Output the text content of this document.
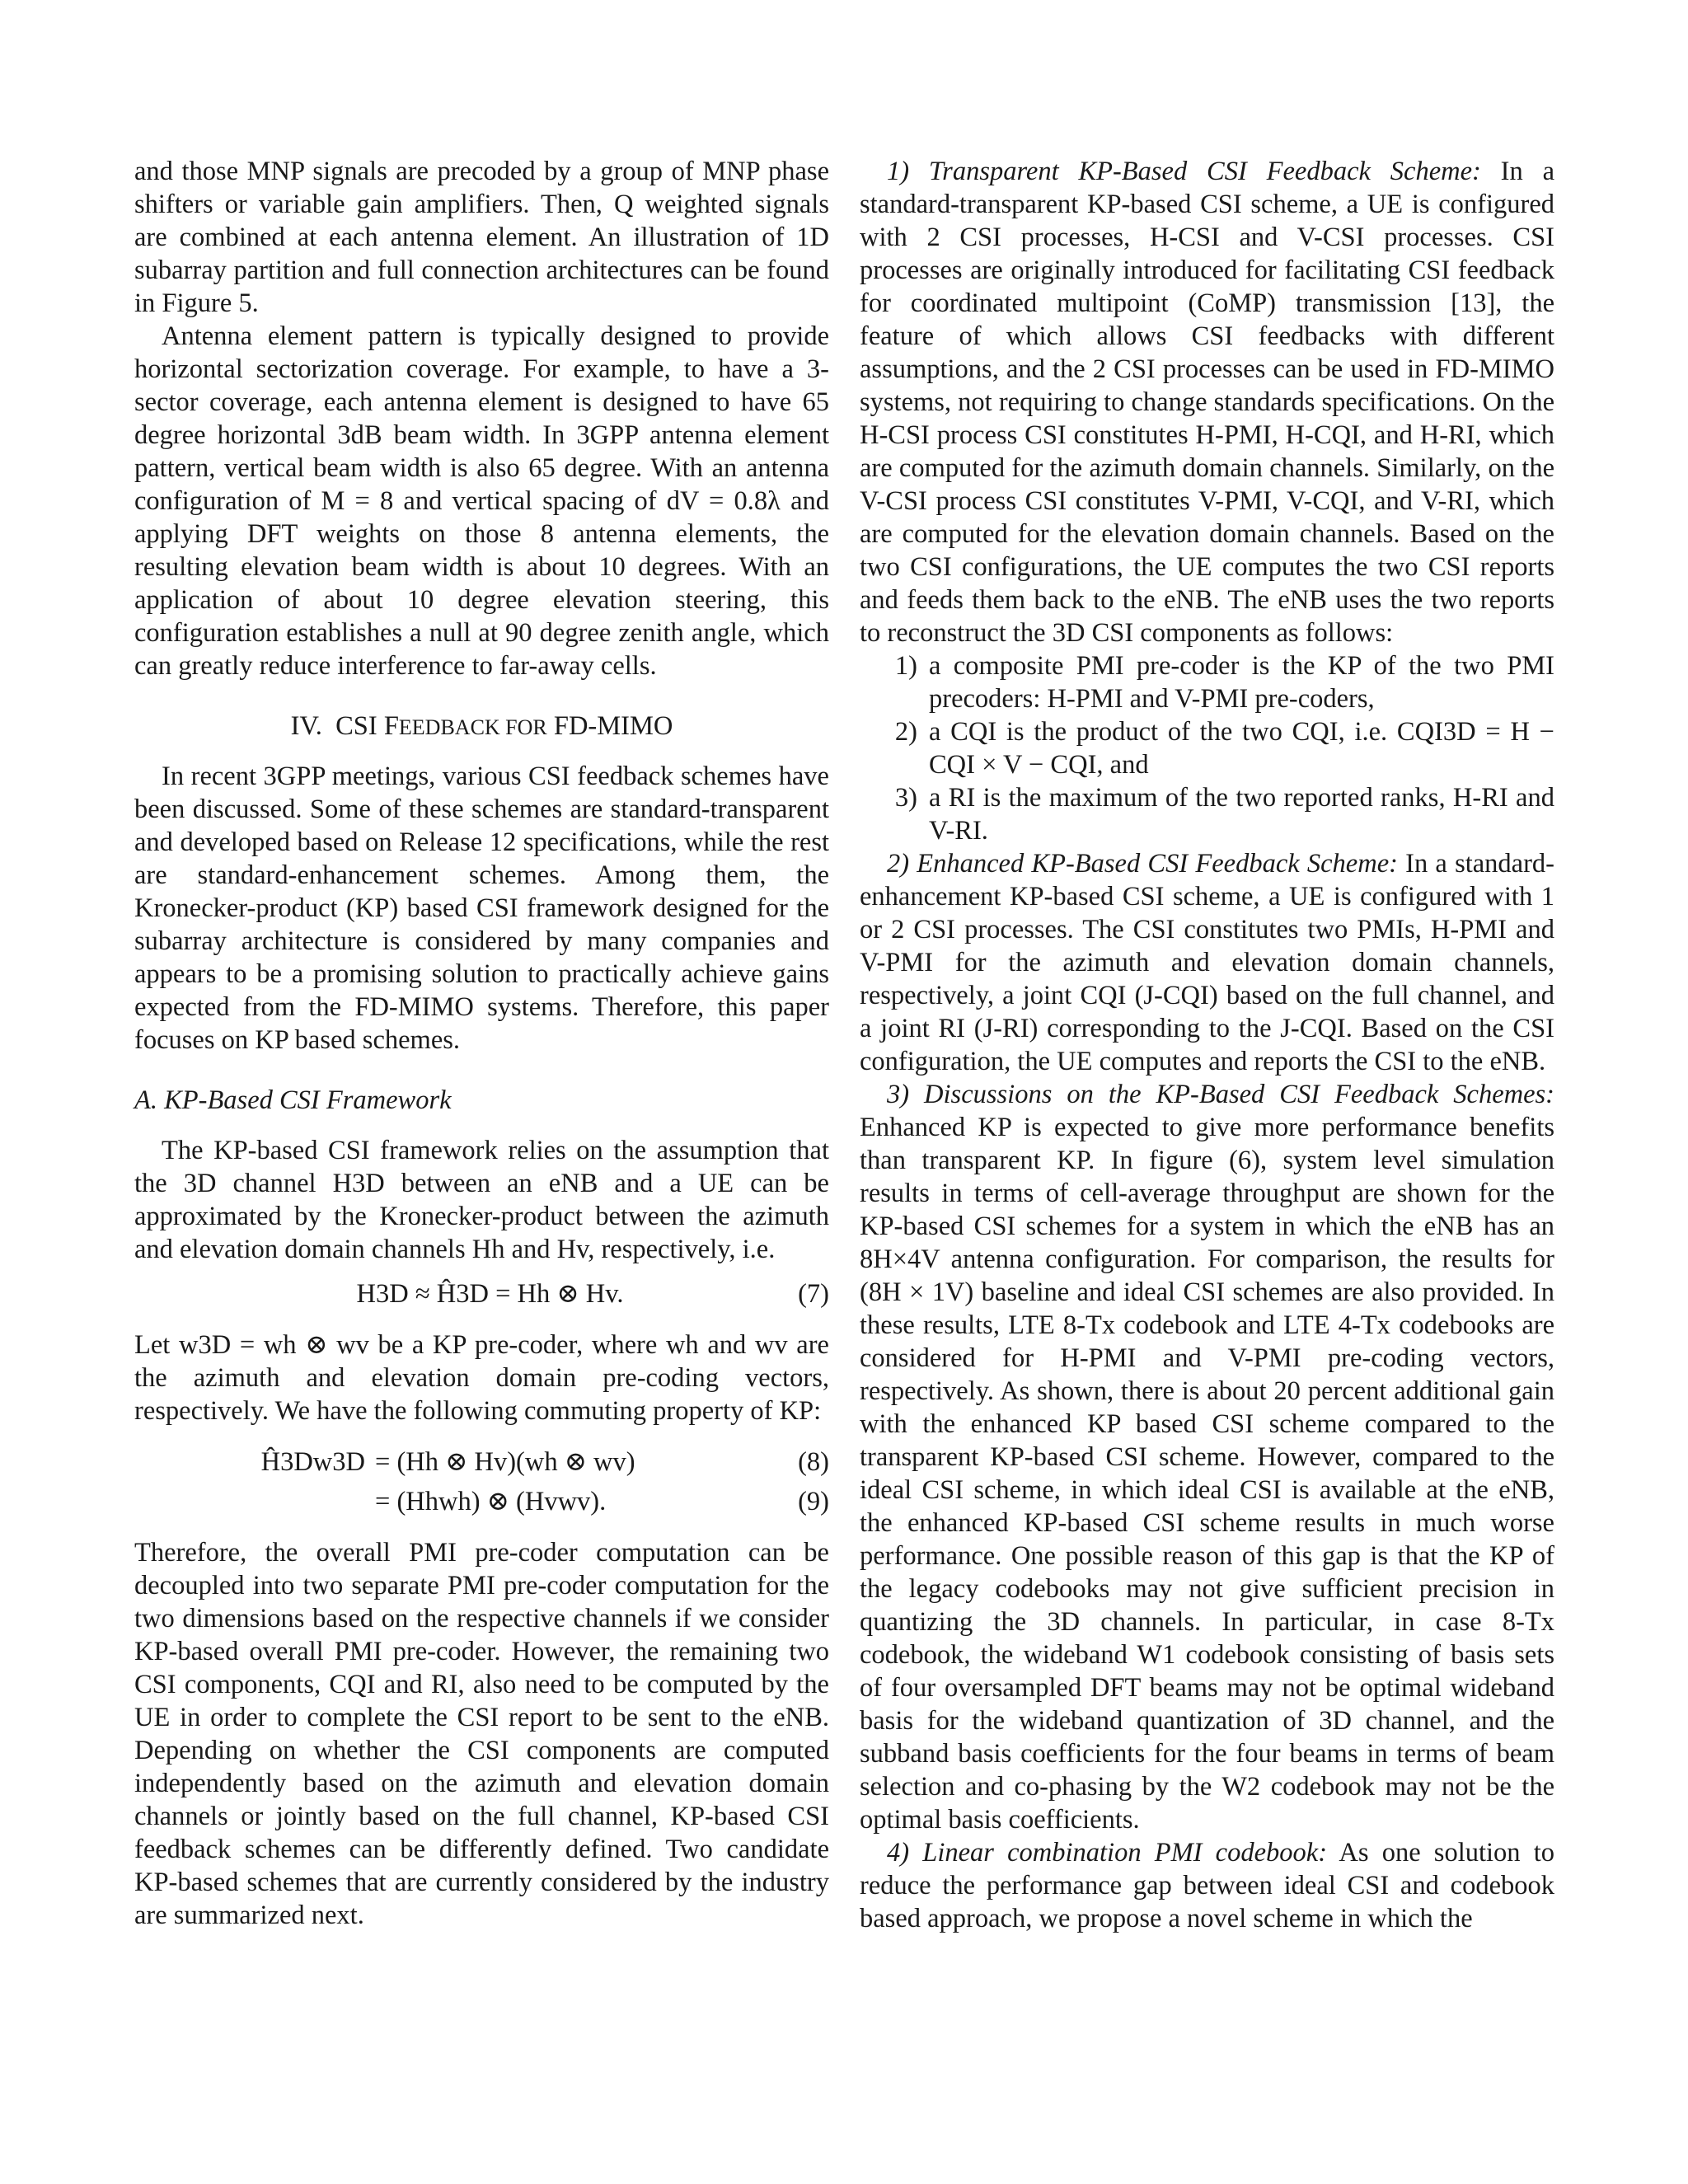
and those MNP signals are precoded by a group of MNP phase shifters or variable gain amplifiers. Then, Q weighted signals are combined at each antenna element. An illustration of 1D subarray partition and full connection architectures can be found in Figure 5.

Antenna element pattern is typically designed to provide horizontal sectorization coverage. For example, to have a 3-sector coverage, each antenna element is designed to have 65 degree horizontal 3dB beam width. In 3GPP antenna element pattern, vertical beam width is also 65 degree. With an antenna configuration of M = 8 and vertical spacing of dV = 0.8λ and applying DFT weights on those 8 antenna elements, the resulting elevation beam width is about 10 degrees. With an application of about 10 degree elevation steering, this configuration establishes a null at 90 degree zenith angle, which can greatly reduce interference to far-away cells.

IV. CSI FEEDBACK FOR FD-MIMO

In recent 3GPP meetings, various CSI feedback schemes have been discussed. Some of these schemes are standard-transparent and developed based on Release 12 specifications, while the rest are standard-enhancement schemes. Among them, the Kronecker-product (KP) based CSI framework designed for the subarray architecture is considered by many companies and appears to be a promising solution to practically achieve gains expected from the FD-MIMO systems. Therefore, this paper focuses on KP based schemes.

A. KP-Based CSI Framework

The KP-based CSI framework relies on the assumption that the 3D channel H3D between an eNB and a UE can be approximated by the Kronecker-product between the azimuth and elevation domain channels Hh and Hv, respectively, i.e.

H3D ≈ Ĥ3D = Hh ⊗ Hv.	(7)

Let w3D = wh ⊗ wv be a KP pre-coder, where wh and wv are the azimuth and elevation domain pre-coding vectors, respectively. We have the following commuting property of KP:

Ĥ3Dw3D = (Hh ⊗ Hv)(wh ⊗ wv)	(8)
= (Hhwh) ⊗ (Hvwv).	(9)

Therefore, the overall PMI pre-coder computation can be decoupled into two separate PMI pre-coder computation for the two dimensions based on the respective channels if we consider KP-based overall PMI pre-coder. However, the remaining two CSI components, CQI and RI, also need to be computed by the UE in order to complete the CSI report to be sent to the eNB. Depending on whether the CSI components are computed independently based on the azimuth and elevation domain channels or jointly based on the full channel, KP-based CSI feedback schemes can be differently defined. Two candidate KP-based schemes that are currently considered by the industry are summarized next.

1) Transparent KP-Based CSI Feedback Scheme: In a standard-transparent KP-based CSI scheme, a UE is configured with 2 CSI processes, H-CSI and V-CSI processes. CSI processes are originally introduced for facilitating CSI feedback for coordinated multipoint (CoMP) transmission [13], the feature of which allows CSI feedbacks with different assumptions, and the 2 CSI processes can be used in FD-MIMO systems, not requiring to change standards specifications. On the H-CSI process CSI constitutes H-PMI, H-CQI, and H-RI, which are computed for the azimuth domain channels. Similarly, on the V-CSI process CSI constitutes V-PMI, V-CQI, and V-RI, which are computed for the elevation domain channels. Based on the two CSI configurations, the UE computes the two CSI reports and feeds them back to the eNB. The eNB uses the two reports to reconstruct the 3D CSI components as follows:

1) a composite PMI pre-coder is the KP of the two PMI precoders: H-PMI and V-PMI pre-coders,
2) a CQI is the product of the two CQI, i.e. CQI3D = H − CQI × V − CQI, and
3) a RI is the maximum of the two reported ranks, H-RI and V-RI.

2) Enhanced KP-Based CSI Feedback Scheme: In a standard-enhancement KP-based CSI scheme, a UE is configured with 1 or 2 CSI processes. The CSI constitutes two PMIs, H-PMI and V-PMI for the azimuth and elevation domain channels, respectively, a joint CQI (J-CQI) based on the full channel, and a joint RI (J-RI) corresponding to the J-CQI. Based on the CSI configuration, the UE computes and reports the CSI to the eNB.

3) Discussions on the KP-Based CSI Feedback Schemes: Enhanced KP is expected to give more performance benefits than transparent KP. In figure (6), system level simulation results in terms of cell-average throughput are shown for the KP-based CSI schemes for a system in which the eNB has an 8H×4V antenna configuration. For comparison, the results for (8H × 1V) baseline and ideal CSI schemes are also provided. In these results, LTE 8-Tx codebook and LTE 4-Tx codebooks are considered for H-PMI and V-PMI pre-coding vectors, respectively. As shown, there is about 20 percent additional gain with the enhanced KP based CSI scheme compared to the transparent KP-based CSI scheme. However, compared to the ideal CSI scheme, in which ideal CSI is available at the eNB, the enhanced KP-based CSI scheme results in much worse performance. One possible reason of this gap is that the KP of the legacy codebooks may not give sufficient precision in quantizing the 3D channels. In particular, in case 8-Tx codebook, the wideband W1 codebook consisting of basis sets of four oversampled DFT beams may not be optimal wideband basis for the wideband quantization of 3D channel, and the subband basis coefficients for the four beams in terms of beam selection and co-phasing by the W2 codebook may not be the optimal basis coefficients.

4) Linear combination PMI codebook: As one solution to reduce the performance gap between ideal CSI and codebook based approach, we propose a novel scheme in which the
